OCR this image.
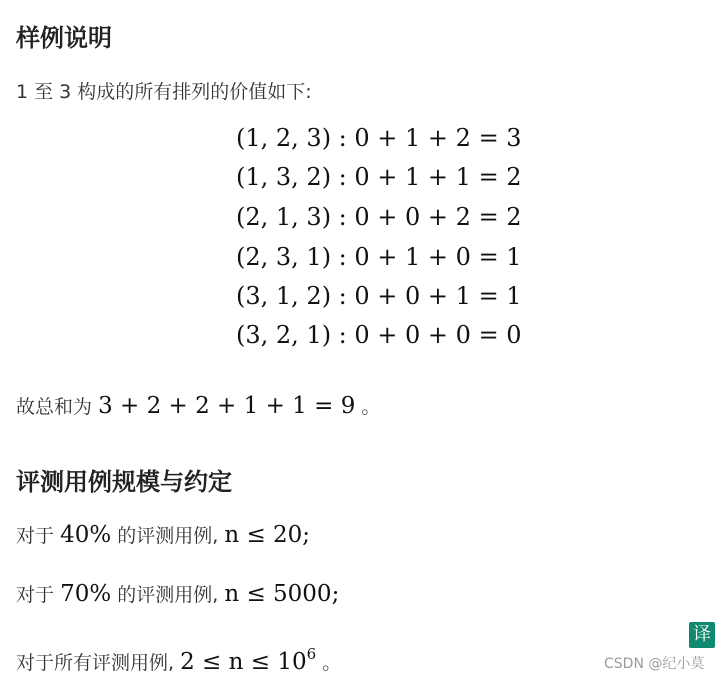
样例说明
1 至 3 构成的所有排列的价值如下:
(1, 2, 3) : 0 + 1 + 2 = 3
(1, 3, 2) : 0 + 1 + 1 = 2
(2, 1, 3) : 0 + 0 + 2 = 2
(2, 3, 1) : 0 + 1 + 0 = 1
(3, 1, 2) : 0 + 0 + 1 = 1
(3, 2, 1) : 0 + 0 + 0 = 0
故总和为 3 + 2 + 2 + 1 + 1 = 9 。
评测用例规模与约定
对于 40% 的评测用例, n ≤ 20;
对于 70% 的评测用例, n ≤ 5000;
对于所有评测用例, $2 \le n \le 10^6$ 。
译
CSDN @纪小莫
